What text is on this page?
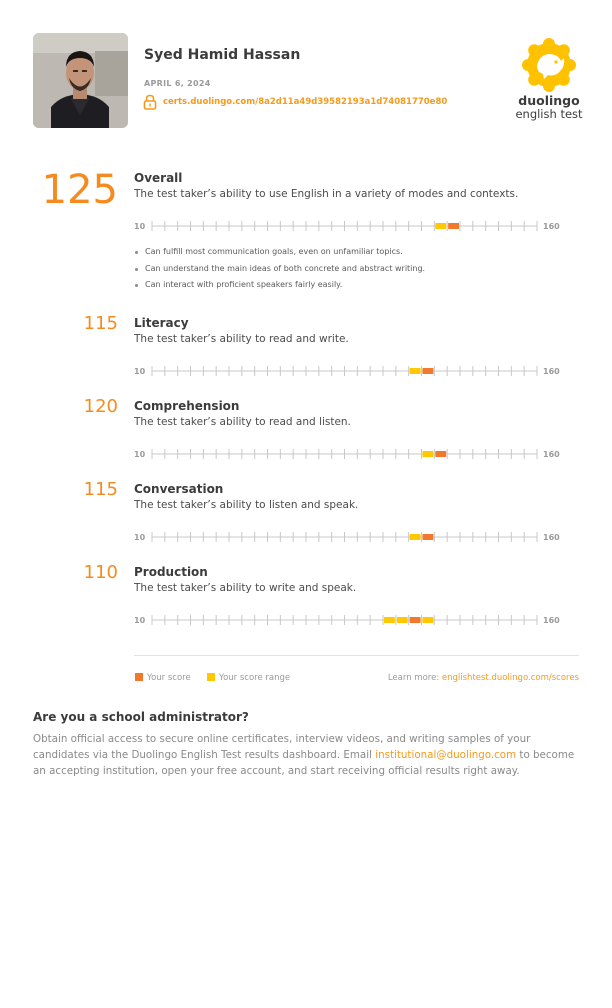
Syed Hamid Hassan
APRIL 6, 2024
certs.duolingo.com/8a2d11a49d39582193a1d74081770e80	duolingo
english test
125 Overall
The test taker’s ability to use English in a variety of modes and contexts.
10	160
Can fulfill most communication goals, even on unfamiliar topics.
Can understand the main ideas of both concrete and abstract writing.
Can interact with proficient speakers fairly easily.
115 Literacy
The test taker’s ability to read and write.
10	160
120 Comprehension
The test taker’s ability to read and listen.
10	160
115 Conversation
The test taker’s ability to listen and speak.
10	160
110 Production
The test taker’s ability to write and speak.
10	160
Your score	Your score range	Learn more: englishtest.duolingo.com/scores
Are you a school administrator?
Obtain official access to secure online certificates, interview videos, and writing samples of your candidates via the Duolingo English Test results dashboard. Email institutional@duolingo.com to become an accepting institution, open your free account, and start receiving official results right away.
